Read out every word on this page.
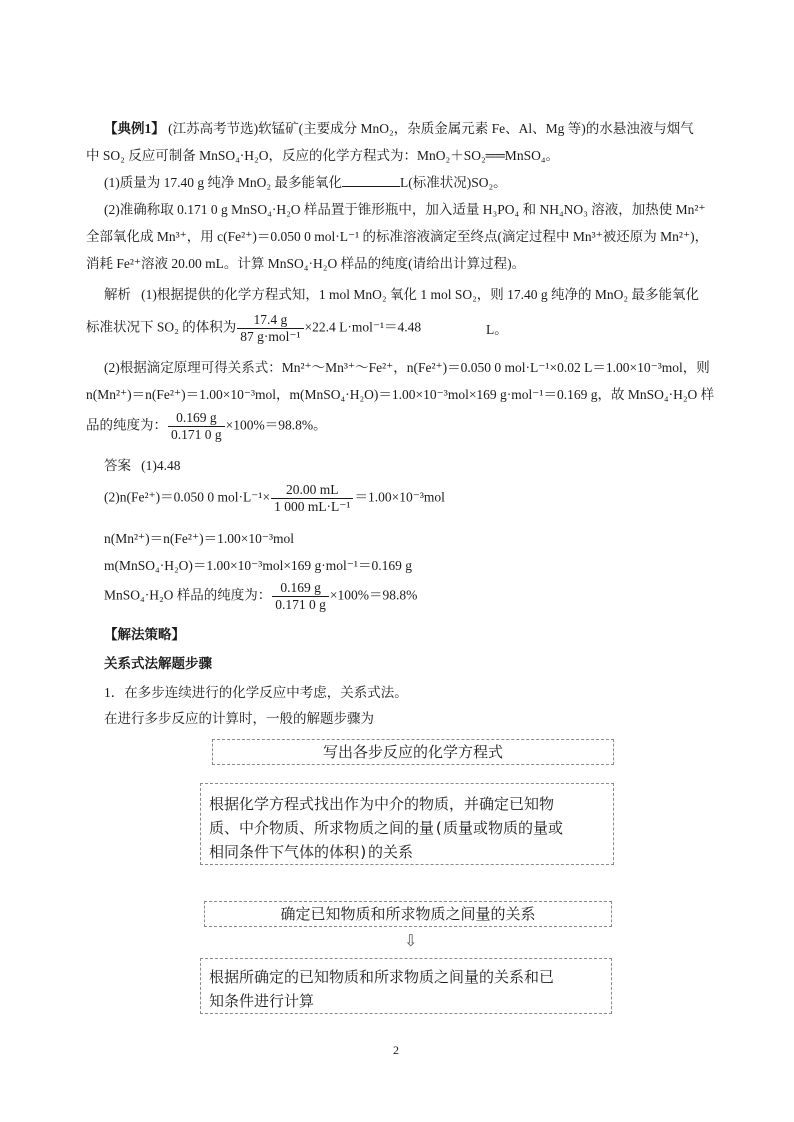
【典例1】 (江苏高考节选)软锰矿(主要成分 MnO₂，杂质金属元素 Fe、Al、Mg 等)的水悬浊液与烟气
中 SO₂ 反应可制备 MnSO₄·H₂O，反应的化学方程式为：MnO₂＋SO₂══MnSO₄。
(1)质量为 17.40 g 纯净 MnO₂ 最多能氧化	L(标准状况)SO₂。
(2)准确称取 0.171 0 g MnSO₄·H₂O 样品置于锥形瓶中，加入适量 H₃PO₄ 和 NH₄NO₃ 溶液，加热使 Mn²⁺
全部氧化成 Mn³⁺，用 c(Fe²⁺)＝0.050 0 mol·L⁻¹ 的标准溶液滴定至终点(滴定过程中 Mn³⁺被还原为 Mn²⁺)，
消耗 Fe²⁺溶液 20.00 mL。计算 MnSO₄·H₂O 样品的纯度(请给出计算过程)。
解析 (1)根据提供的化学方程式知，1 mol MnO₂ 氧化 1 mol SO₂，则 17.40 g 纯净的 MnO₂ 最多能氧化
标准状况下 SO₂ 的体积为 $\frac{17.4 g}{\text{87 g·mol⁻¹}} \times 22.4$ L·mol⁻¹＝4.48	L。
(2)根据滴定原理可得关系式：Mn²⁺～Mn³⁺～Fe²⁺，n(Fe²⁺)＝0.050 0 mol·L⁻¹×0.02 L＝1.00×10⁻³mol，则
n(Mn²⁺)＝n(Fe²⁺)＝1.00×10⁻³mol，m(MnSO₄·H₂O)＝1.00×10⁻³mol×169 g·mol⁻¹＝0.169 g，故 MnSO₄·H₂O 样
品的纯度为： $\frac{0.169 g}{0.171 0 g} \times 100\%=98.8\%$。
答案 (1)4.48
(2)n(Fe²⁺)＝0.050 0 $mol\cdot L^{-1}\times \frac{20.00 mL}{\text{1 000 mL·L⁻¹}} =1.00\times 10^{-3}mol$
n(Mn²⁺)＝n(Fe²⁺)＝1.00×10⁻³mol
m(MnSO₄·H₂O)＝1.00×10⁻³mol×169 g·mol⁻¹＝0.169 g
MnSO₄·H₂O 样品的纯度为： $\frac{0.169 g}{0.171 0 g} \times 100\%=98.8\%$
【解法策略】
关系式法解题步骤
1．在多步连续进行的化学反应中考虑，关系式法。
在进行多步反应的计算时，一般的解题步骤为
写出各步反应的化学方程式
根据化学方程式找出作为中介的物质，并确定已知物
质、中介物质、所求物质之间的量(质量或物质的量或
相同条件下气体的体积)的关系
确定已知物质和所求物质之间量的关系
⇩
根据所确定的已知物质和所求物质之间量的关系和已
知条件进行计算
2
